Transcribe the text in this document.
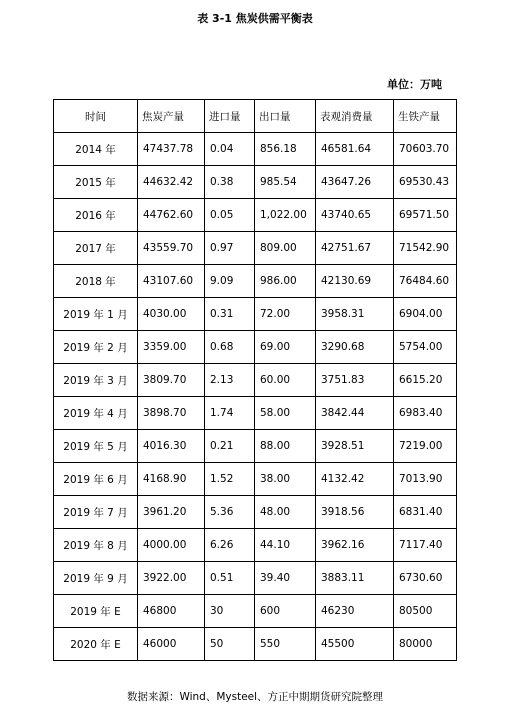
表 3-1 焦炭供需平衡表
单位：万吨
时间	焦炭产量	进口量	出口量	表观消费量	生铁产量
2014 年	47437.78	0.04	856.18	46581.64	70603.70
2015 年	44632.42	0.38	985.54	43647.26	69530.43
2016 年	44762.60	0.05	1,022.00	43740.65	69571.50
2017 年	43559.70	0.97	809.00	42751.67	71542.90
2018 年	43107.60	9.09	986.00	42130.69	76484.60
2019 年 1 月	4030.00	0.31	72.00	3958.31	6904.00
2019 年 2 月	3359.00	0.68	69.00	3290.68	5754.00
2019 年 3 月	3809.70	2.13	60.00	3751.83	6615.20
2019 年 4 月	3898.70	1.74	58.00	3842.44	6983.40
2019 年 5 月	4016.30	0.21	88.00	3928.51	7219.00
2019 年 6 月	4168.90	1.52	38.00	4132.42	7013.90
2019 年 7 月	3961.20	5.36	48.00	3918.56	6831.40
2019 年 8 月	4000.00	6.26	44.10	3962.16	7117.40
2019 年 9 月	3922.00	0.51	39.40	3883.11	6730.60
2019 年 E	46800	30	600	46230	80500
2020 年 E	46000	50	550	45500	80000
数据来源：Wind、Mysteel、方正中期期货研究院整理
